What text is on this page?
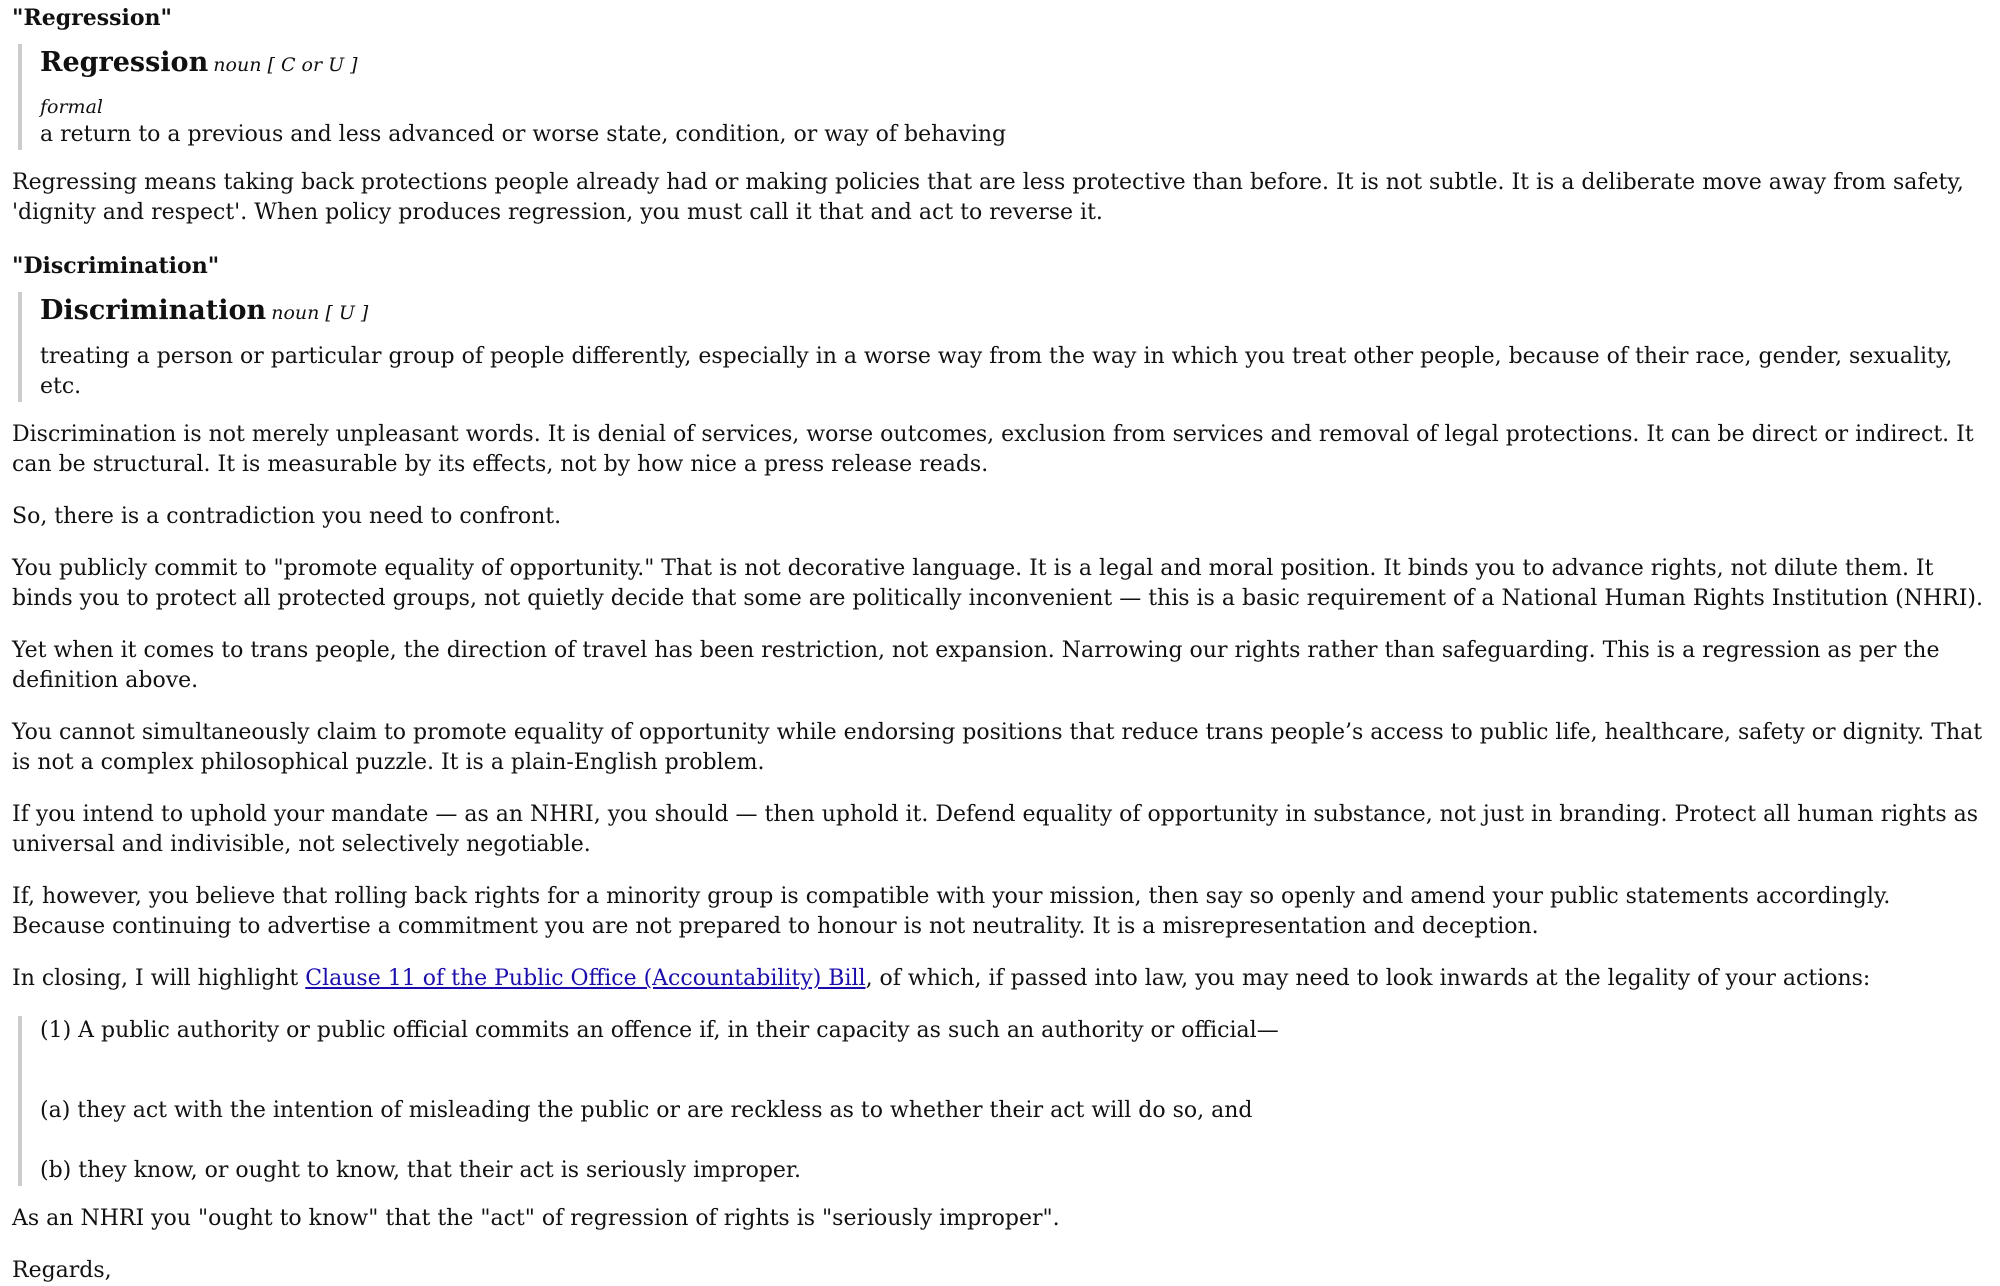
"Regression"
Regression noun [ C or U ]
formal
a return to a previous and less advanced or worse state, condition, or way of behaving

Regressing means taking back protections people already had or making policies that are less protective than before. It is not subtle. It is a deliberate move away from safety, 'dignity and respect'. When policy produces regression, you must call it that and act to reverse it.

"Discrimination"
Discrimination noun [ U ]
treating a person or particular group of people differently, especially in a worse way from the way in which you treat other people, because of their race, gender, sexuality, etc.

Discrimination is not merely unpleasant words. It is denial of services, worse outcomes, exclusion from services and removal of legal protections. It can be direct or indirect. It can be structural. It is measurable by its effects, not by how nice a press release reads.

So, there is a contradiction you need to confront.

You publicly commit to "promote equality of opportunity." That is not decorative language. It is a legal and moral position. It binds you to advance rights, not dilute them. It binds you to protect all protected groups, not quietly decide that some are politically inconvenient — this is a basic requirement of a National Human Rights Institution (NHRI).

Yet when it comes to trans people, the direction of travel has been restriction, not expansion. Narrowing our rights rather than safeguarding. This is a regression as per the definition above.

You cannot simultaneously claim to promote equality of opportunity while endorsing positions that reduce trans people’s access to public life, healthcare, safety or dignity. That is not a complex philosophical puzzle. It is a plain-English problem.

If you intend to uphold your mandate — as an NHRI, you should — then uphold it. Defend equality of opportunity in substance, not just in branding. Protect all human rights as universal and indivisible, not selectively negotiable.

If, however, you believe that rolling back rights for a minority group is compatible with your mission, then say so openly and amend your public statements accordingly. Because continuing to advertise a commitment you are not prepared to honour is not neutrality. It is a misrepresentation and deception.

In closing, I will highlight Clause 11 of the Public Office (Accountability) Bill, of which, if passed into law, you may need to look inwards at the legality of your actions:

(1) A public authority or public official commits an offence if, in their capacity as such an authority or official—
(a) they act with the intention of misleading the public or are reckless as to whether their act will do so, and
(b) they know, or ought to know, that their act is seriously improper.

As an NHRI you "ought to know" that the "act" of regression of rights is "seriously improper".

Regards,
